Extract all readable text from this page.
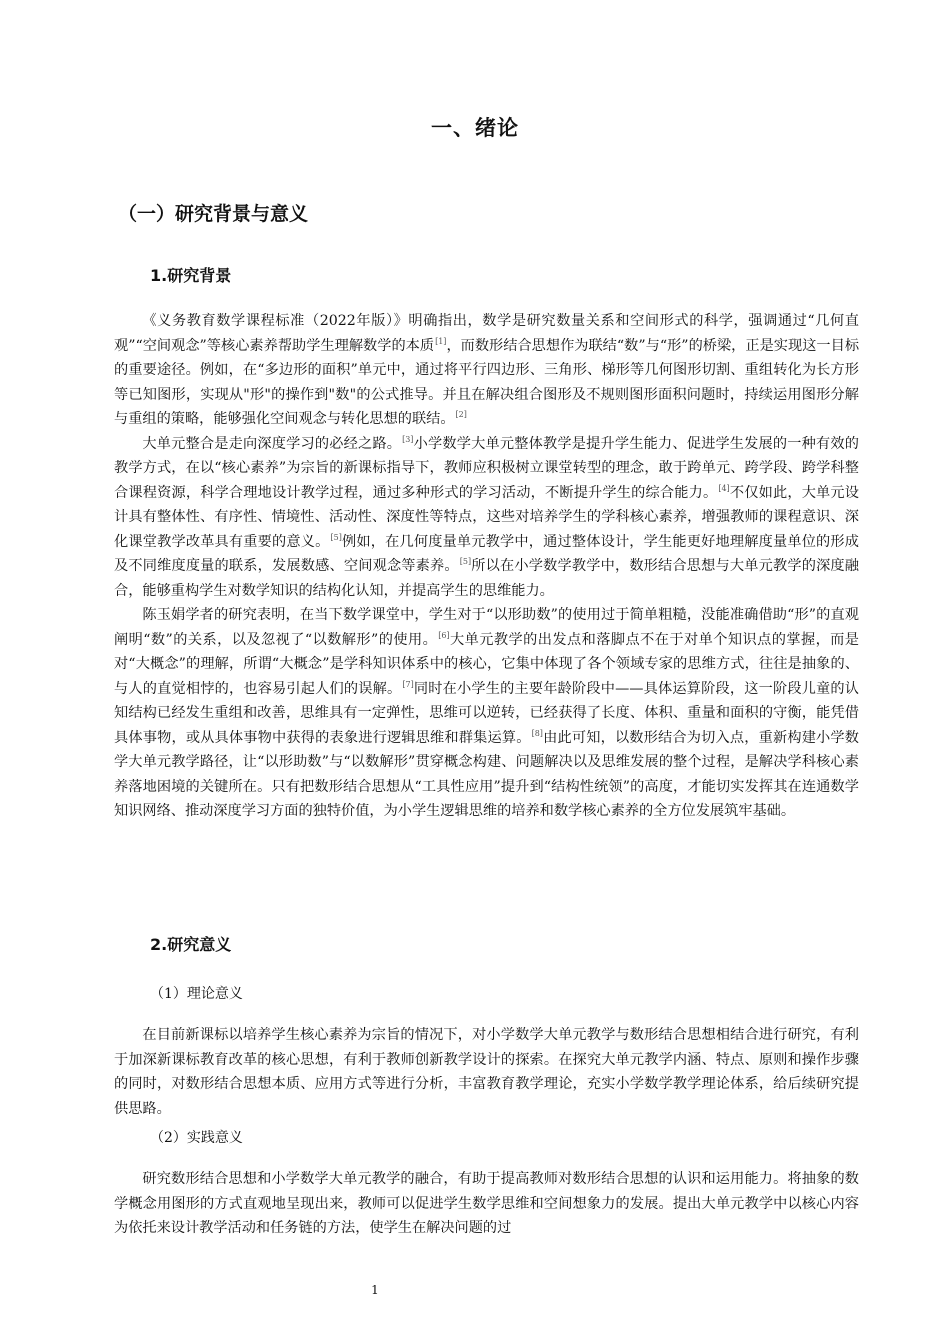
一、绪论
（一）研究背景与意义
1.研究背景

《义务教育数学课程标准（2022年版）》明确指出，数学是研究数量关系和空间形式的科学，强调通过“几何直观”“空间观念”等核心素养帮助学生理解数学的本质[1]，而数形结合思想作为联结“数”与“形”的桥梁，正是实现这一目标的重要途径。例如，在“多边形的面积”单元中，通过将平行四边形、三角形、梯形等几何图形切割、重组转化为长方形等已知图形，实现从"形"的操作到"数"的公式推导。并且在解决组合图形及不规则图形面积问题时，持续运用图形分解与重组的策略，能够强化空间观念与转化思想的联结。[2]

大单元整合是走向深度学习的必经之路。[3]小学数学大单元整体教学是提升学生能力、促进学生发展的一种有效的教学方式，在以“核心素养”为宗旨的新课标指导下，教师应积极树立课堂转型的理念，敢于跨单元、跨学段、跨学科整合课程资源，科学合理地设计教学过程，通过多种形式的学习活动，不断提升学生的综合能力。[4]不仅如此，大单元设计具有整体性、有序性、情境性、活动性、深度性等特点，这些对培养学生的学科核心素养，增强教师的课程意识、深化课堂教学改革具有重要的意义。[5]例如，在几何度量单元教学中，通过整体设计，学生能更好地理解度量单位的形成及不同维度度量的联系，发展数感、空间观念等素养。[5]所以在小学数学教学中，数形结合思想与大单元教学的深度融合，能够重构学生对数学知识的结构化认知，并提高学生的思维能力。

陈玉娟学者的研究表明，在当下数学课堂中，学生对于“以形助数”的使用过于简单粗糙，没能准确借助“形”的直观阐明“数”的关系，以及忽视了“以数解形”的使用。[6]大单元教学的出发点和落脚点不在于对单个知识点的掌握，而是对“大概念”的理解，所谓“大概念”是学科知识体系中的核心，它集中体现了各个领域专家的思维方式，往往是抽象的、与人的直觉相悖的，也容易引起人们的误解。[7]同时在小学生的主要年龄阶段中——具体运算阶段，这一阶段儿童的认知结构已经发生重组和改善，思维具有一定弹性，思维可以逆转，已经获得了长度、体积、重量和面积的守衡，能凭借具体事物，或从具体事物中获得的表象进行逻辑思维和群集运算。[8]由此可知，以数形结合为切入点，重新构建小学数学大单元教学路径，让“以形助数”与“以数解形”贯穿概念构建、问题解决以及思维发展的整个过程，是解决学科核心素养落地困境的关键所在。只有把数形结合思想从“工具性应用”提升到“结构性统领”的高度，才能切实发挥其在连通数学知识网络、推动深度学习方面的独特价值，为小学生逻辑思维的培养和数学核心素养的全方位发展筑牢基础。

2.研究意义
（1）理论意义

在目前新课标以培养学生核心素养为宗旨的情况下，对小学数学大单元教学与数形结合思想相结合进行研究，有利于加深新课标教育改革的核心思想，有利于教师创新教学设计的探索。在探究大单元教学内涵、特点、原则和操作步骤的同时，对数形结合思想本质、应用方式等进行分析，丰富教育教学理论，充实小学数学教学理论体系，给后续研究提供思路。

（2）实践意义

研究数形结合思想和小学数学大单元教学的融合，有助于提高教师对数形结合思想的认识和运用能力。将抽象的数学概念用图形的方式直观地呈现出来，教师可以促进学生数学思维和空间想象力的发展。提出大单元教学中以核心内容为依托来设计教学活动和任务链的方法，使学生在解决问题的过

1
